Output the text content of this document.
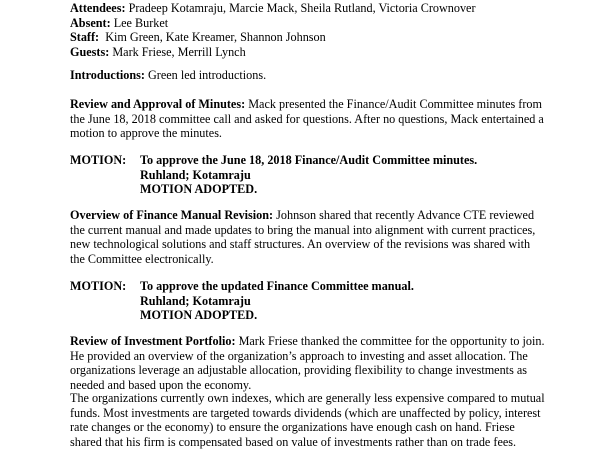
Attendees: Pradeep Kotamraju, Marcie Mack, Sheila Rutland, Victoria Crownover
Absent: Lee Burket
Staff: Kim Green, Kate Kreamer, Shannon Johnson
Guests: Mark Friese, Merrill Lynch
Introductions: Green led introductions.
Review and Approval of Minutes: Mack presented the Finance/Audit Committee minutes from
the June 18, 2018 committee call and asked for questions. After no questions, Mack entertained a
motion to approve the minutes.
MOTION: To approve the June 18, 2018 Finance/Audit Committee minutes.
Ruhland; Kotamraju
MOTION ADOPTED.
Overview of Finance Manual Revision: Johnson shared that recently Advance CTE reviewed
the current manual and made updates to bring the manual into alignment with current practices,
new technological solutions and staff structures. An overview of the revisions was shared with
the Committee electronically.
MOTION: To approve the updated Finance Committee manual.
Ruhland; Kotamraju
MOTION ADOPTED.
Review of Investment Portfolio: Mark Friese thanked the committee for the opportunity to join.
He provided an overview of the organization’s approach to investing and asset allocation. The
organizations leverage an adjustable allocation, providing flexibility to change investments as
needed and based upon the economy.
The organizations currently own indexes, which are generally less expensive compared to mutual
funds. Most investments are targeted towards dividends (which are unaffected by policy, interest
rate changes or the economy) to ensure the organizations have enough cash on hand. Friese
shared that his firm is compensated based on value of investments rather than on trade fees.
